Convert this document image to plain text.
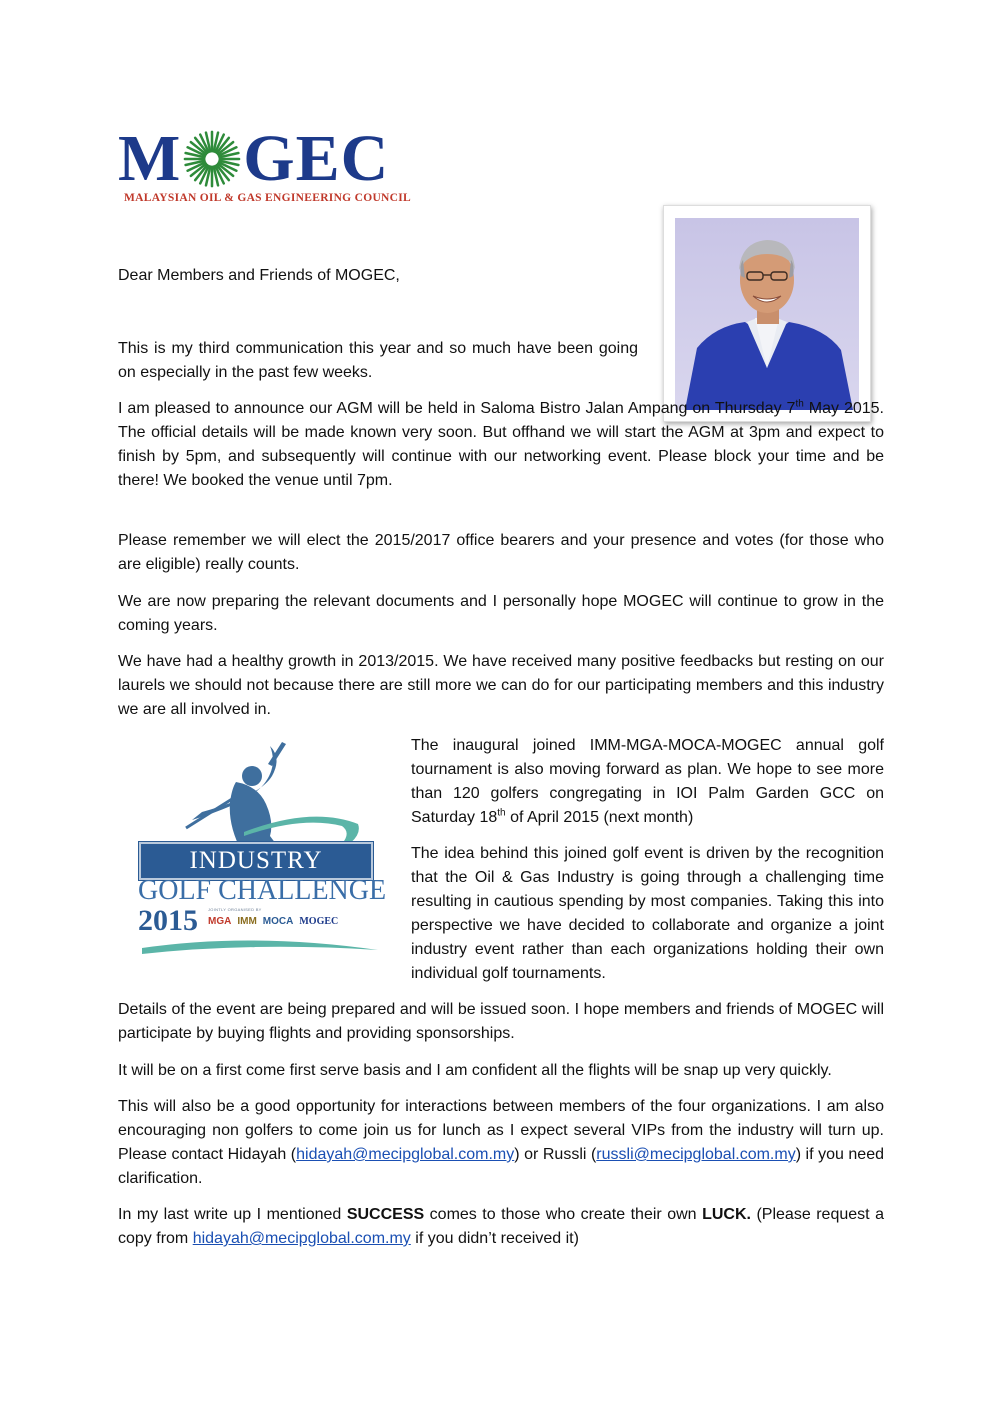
M GEC
MALAYSIAN OIL & GAS ENGINEERING COUNCIL

Dear Members and Friends of MOGEC,

This is my third communication this year and so much have been going on especially in the past few weeks.

I am pleased to announce our AGM will be held in Saloma Bistro Jalan Ampang on Thursday 7th May 2015. The official details will be made known very soon. But offhand we will start the AGM at 3pm and expect to finish by 5pm, and subsequently will continue with our networking event. Please block your time and be there! We booked the venue until 7pm.

Please remember we will elect the 2015/2017 office bearers and your presence and votes (for those who are eligible) really counts.

We are now preparing the relevant documents and I personally hope MOGEC will continue to grow in the coming years.

We have had a healthy growth in 2013/2015. We have received many positive feedbacks but resting on our laurels we should not because there are still more we can do for our participating members and this industry we are all involved in.

INDUSTRY
GOLF CHALLENGE
2015	JOINTLY ORGANISED BY
MGA IMM MOCA MOGEC

The inaugural joined IMM-MGA-MOCA-MOGEC annual golf tournament is also moving forward as plan. We hope to see more than 120 golfers congregating in IOI Palm Garden GCC on Saturday 18th of April 2015 (next month)

The idea behind this joined golf event is driven by the recognition that the Oil & Gas Industry is going through a challenging time resulting in cautious spending by most companies. Taking this into perspective we have decided to collaborate and organize a joint industry event rather than each organizations holding their own individual golf tournaments.

Details of the event are being prepared and will be issued soon. I hope members and friends of MOGEC will participate by buying flights and providing sponsorships.

It will be on a first come first serve basis and I am confident all the flights will be snap up very quickly.

This will also be a good opportunity for interactions between members of the four organizations. I am also encouraging non golfers to come join us for lunch as I expect several VIPs from the industry will turn up. Please contact Hidayah (hidayah@mecipglobal.com.my) or Russli (russli@mecipglobal.com.my) if you need clarification.

In my last write up I mentioned SUCCESS comes to those who create their own LUCK. (Please request a copy from hidayah@mecipglobal.com.my if you didn’t received it)
